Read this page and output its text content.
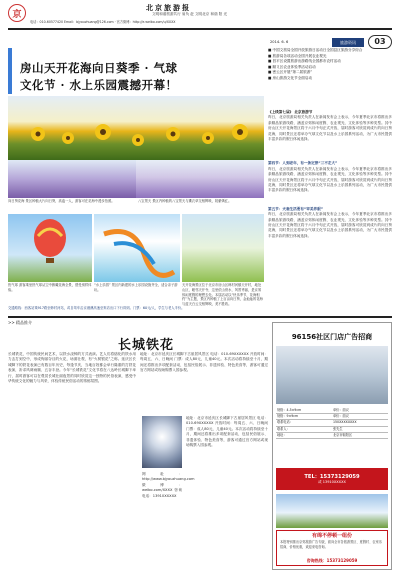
京
北京旅游报
文明和谐旅游共行 肩负 赶 文明北京 和谐 阳 光
电话：010-60577420 Email：bjyouzhuang@126.com · 官方微博：http://e.weibo.com/u/XXXX
2014. 6. 6	旅游资讯	03
房山天开花海向日葵季 · 气球
文化节 · 水上乐园震撼开幕！
■ 中国文旅局全国开放旅游日活动日全国县区旅游分享综合
■ 旅游局各项活动全国开展农业观光
■ 昌平区设置旅游出游路线全国都市农村活动
■ 顺义区农业体验季活动启动
■ 密云区开展“第二届旅游”
■ 房山旅游文化节全面启动
《上线第七届》 北京旅游节
昨日，北京旅游局相关负责人在新闻发布会上表示，今年夏季北京市将推出多条精品旅游线路，涵盖京郊休闲度假、农业观光、文化体验等多种类型。其中房山区天开花海景区将于六月中旬正式开放，届时游客可欣赏到成片的向日葵花海，同时景区还将举办气球文化节以及水上乐园系列活动，为广大市民提供丰富多彩的假日休闲选择。
第四节：人到老年，有一条定律“三不走大”
昨日，北京旅游局相关负责人在新闻发布会上表示，今年夏季北京市将推出多条精品旅游线路，涵盖京郊休闲度假、农业观光、文化体验等多种类型。其中房山区天开花海景区将于六月中旬正式开放，届时游客可欣赏到成片的向日葵花海，同时景区还将举办气球文化节以及水上乐园系列活动，为广大市民提供丰富多彩的假日休闲选择。
第五节：夫妻生活要有“审美养眼”
昨日，北京旅游局相关负责人在新闻发布会上表示，今年夏季北京市将推出多条精品旅游线路，涵盖京郊休闲度假、农业观光、文化体验等多种类型。其中房山区天开花海景区将于六月中旬正式开放，届时游客可欣赏到成片的向日葵花海，同时景区还将举办气球文化节以及水上乐园系列活动，为广大市民提供丰富多彩的假日休闲选择。
向日葵花海 景区种植大片向日葵，高逾一人，游客可在花海中漫步拍照。	八宝景天 景区内种植的八宝景天与薰衣草交相辉映，姹紫嫣红。
热气球 游客乘坐热气球从空中俯瞰花海全景，感受别样体验。
“水上乐园” 景区内新建的水上乐园设施齐全，适合亲子游玩。
天开花海景区位于北京市房山区韩村河镇天开村，地处山区，毗邻天开寺，这里依山傍水，风景秀丽，是京郊休闲度假的理想去处。本届活动以“快乐季节，花海相约”为主题，景区内种植了上百亩向日葵，金灿灿的花海与蓝天白云交相辉映，美不胜收。
交通路线：西客站乘917路至韩村河站，或自驾车沿京港澳高速至窦店出口下行即到。门票：60元/人，学生与老人半价。
>> 精品推介
长城铁花
长城铁花，中国传统民间艺术，以铁水浇铸的方式表演。艺人们将熔化的铁水用力击打到空中，形成绚丽夺目的火花，场面壮观，有“火树银花”之称。延庆区长城脚下的铁花表演已有数百年历史，每逢节庆，当地百姓都会举行隆重的打铁花表演，祈求风调雨顺、五谷丰登。今年“长城铁花”文化节将在八达岭长城脚下举行，届时游客可以在观赏长城壮丽夜景的同时欣赏这一独特的民俗表演，感受中华传统文化的魅力与风采，体验传统民俗活动的浓郁氛围。
地址：北京市延庆区长城脚下古崖居风景区 电话：010-69XXXXXX 开放时间：每周五、六、日晚间 门票：成人80元，儿童40元。本次活动将持续至十月，期间还将推出多项配套活动，包括民俗展示、非遗体验、特色美食等，游客可通过官方网站或现场购票入园参观。
地址：北京市延庆区长城脚下古崖居风景区 电话：010-69XXXXXX 开放时间：每周五、六、日晚间 门票：成人80元，儿童40元。本次活动将持续至十月，期间还将推出多项配套活动，包括民俗展示、非遗体验、特色美食等，游客可通过官方网站或现场购票入园参观。
网址：http://www.bjyouzhuang.com 微博：weibo.com/XXXX 咨询电话：13910XXXXX
96156社区门店广告招商
规格：4.5×9cm	单价：面议
规格：9×9cm	单价：面议
联系电话：	150XXXXXXXX
联系人：	张先生
地址：	北京市朝阳区
TEL：15373129059
或 13910XXXXX
有绵不停顿一组份
本报特别推出京郊旅游广告专版，面向全市各旅游景区、度假村、农家乐招商，价格优惠，欢迎来电咨询。
咨询热线：15373129059
